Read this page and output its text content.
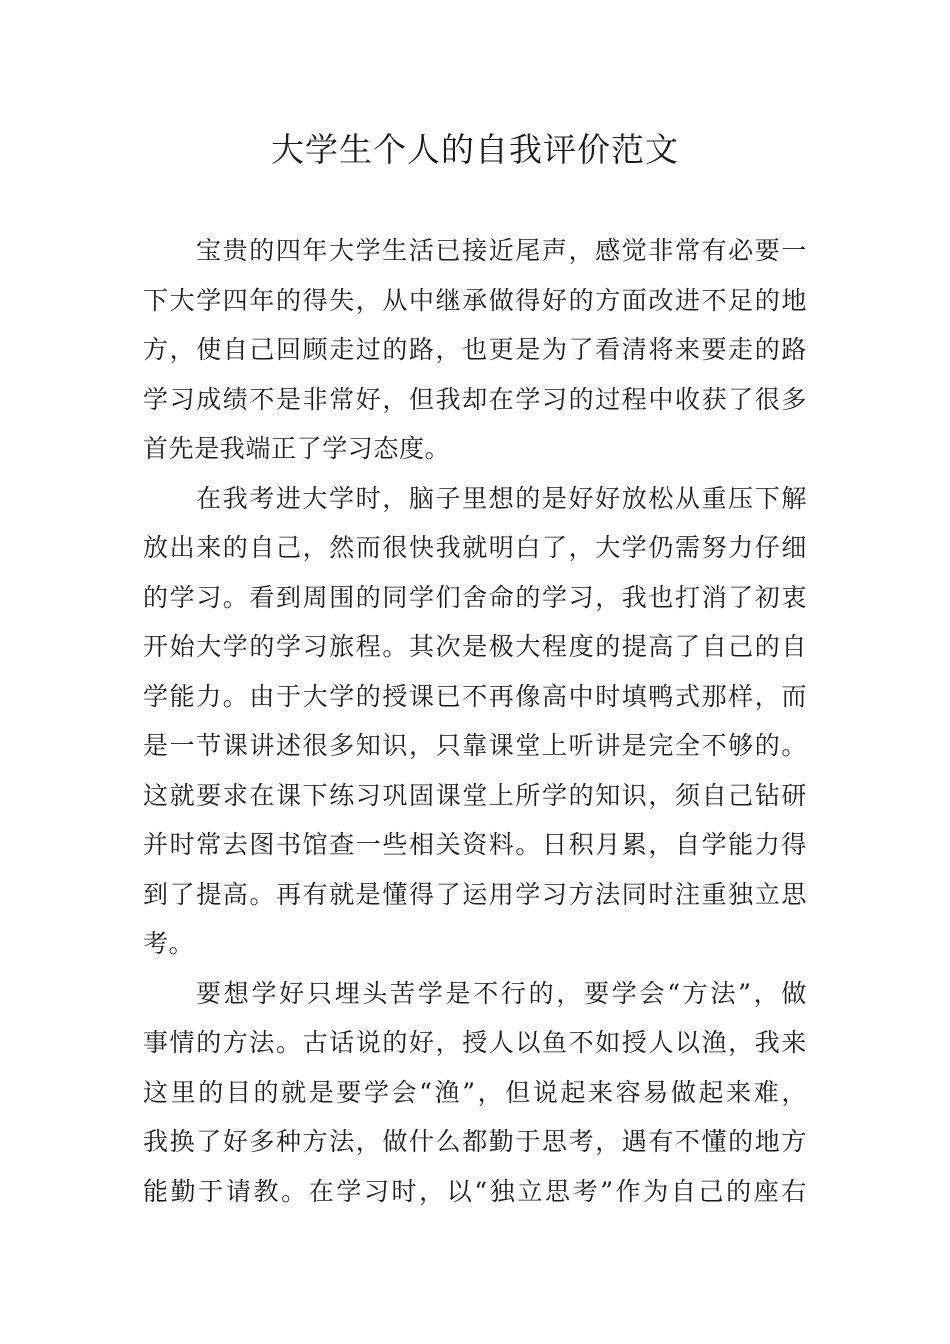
大学生个人的自我评价范文
宝贵的四年大学生活已接近尾声，感觉非常有必要一
下大学四年的得失，从中继承做得好的方面改进不足的地
方，使自己回顾走过的路，也更是为了看清将来要走的路
学习成绩不是非常好，但我却在学习的过程中收获了很多
首先是我端正了学习态度。
在我考进大学时，脑子里想的是好好放松从重压下解
放出来的自己，然而很快我就明白了，大学仍需努力仔细
的学习。看到周围的同学们舍命的学习，我也打消了初衷
开始大学的学习旅程。其次是极大程度的提高了自己的自
学能力。由于大学的授课已不再像高中时填鸭式那样，而
是一节课讲述很多知识，只靠课堂上听讲是完全不够的。
这就要求在课下练习巩固课堂上所学的知识，须自己钻研
并时常去图书馆查一些相关资料。日积月累，自学能力得
到了提高。再有就是懂得了运用学习方法同时注重独立思
考。
要想学好只埋头苦学是不行的，要学会“方法”，做
事情的方法。古话说的好，授人以鱼不如授人以渔，我来
这里的目的就是要学会“渔”，但说起来容易做起来难，
我换了好多种方法，做什么都勤于思考，遇有不懂的地方
能勤于请教。在学习时，以“独立思考”作为自己的座右
